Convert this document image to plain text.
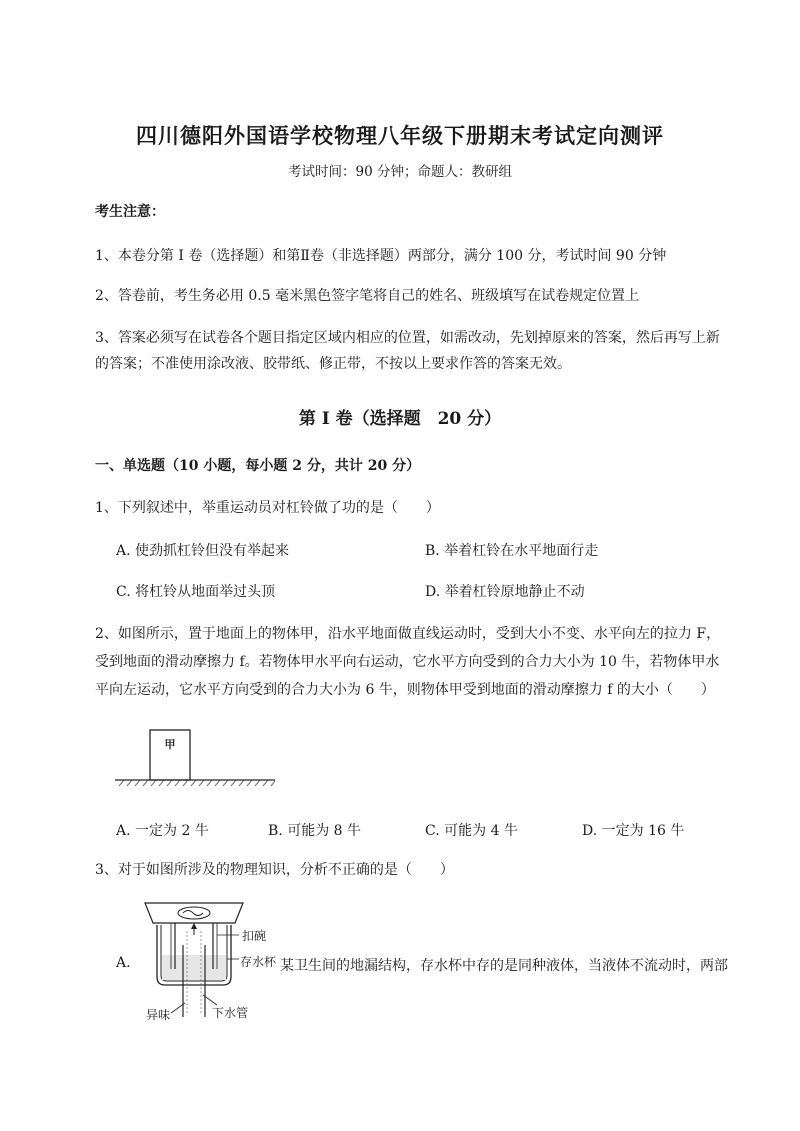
四川德阳外国语学校物理八年级下册期末考试定向测评
考试时间：90 分钟；命题人：教研组
考生注意：
1、本卷分第 I 卷（选择题）和第Ⅱ卷（非选择题）两部分，满分 100 分，考试时间 90 分钟
2、答卷前，考生务必用 0.5 毫米黑色签字笔将自己的姓名、班级填写在试卷规定位置上
3、答案必须写在试卷各个题目指定区域内相应的位置，如需改动，先划掉原来的答案，然后再写上新
的答案；不准使用涂改液、胶带纸、修正带，不按以上要求作答的答案无效。
第 I 卷（选择题　20 分）
一、单选题（10 小题，每小题 2 分，共计 20 分）
1、下列叙述中，举重运动员对杠铃做了功的是（　　）
A. 使劲抓杠铃但没有举起来	B. 举着杠铃在水平地面行走
C. 将杠铃从地面举过头顶	D. 举着杠铃原地静止不动
2、如图所示，置于地面上的物体甲，沿水平地面做直线运动时，受到大小不变、水平向左的拉力 F，
受到地面的滑动摩擦力 f。若物体甲水平向右运动，它水平方向受到的合力大小为 10 牛，若物体甲水
平向左运动，它水平方向受到的合力大小为 6 牛，则物体甲受到地面的滑动摩擦力 f 的大小（　　）
甲
A. 一定为 2 牛	B. 可能为 8 牛	C. 可能为 4 牛	D. 一定为 16 牛
3、对于如图所涉及的物理知识，分析不正确的是（　　）
A.
扣碗
存水杯
异味	下水管
某卫生间的地漏结构，存水杯中存的是同种液体，当液体不流动时，两部
